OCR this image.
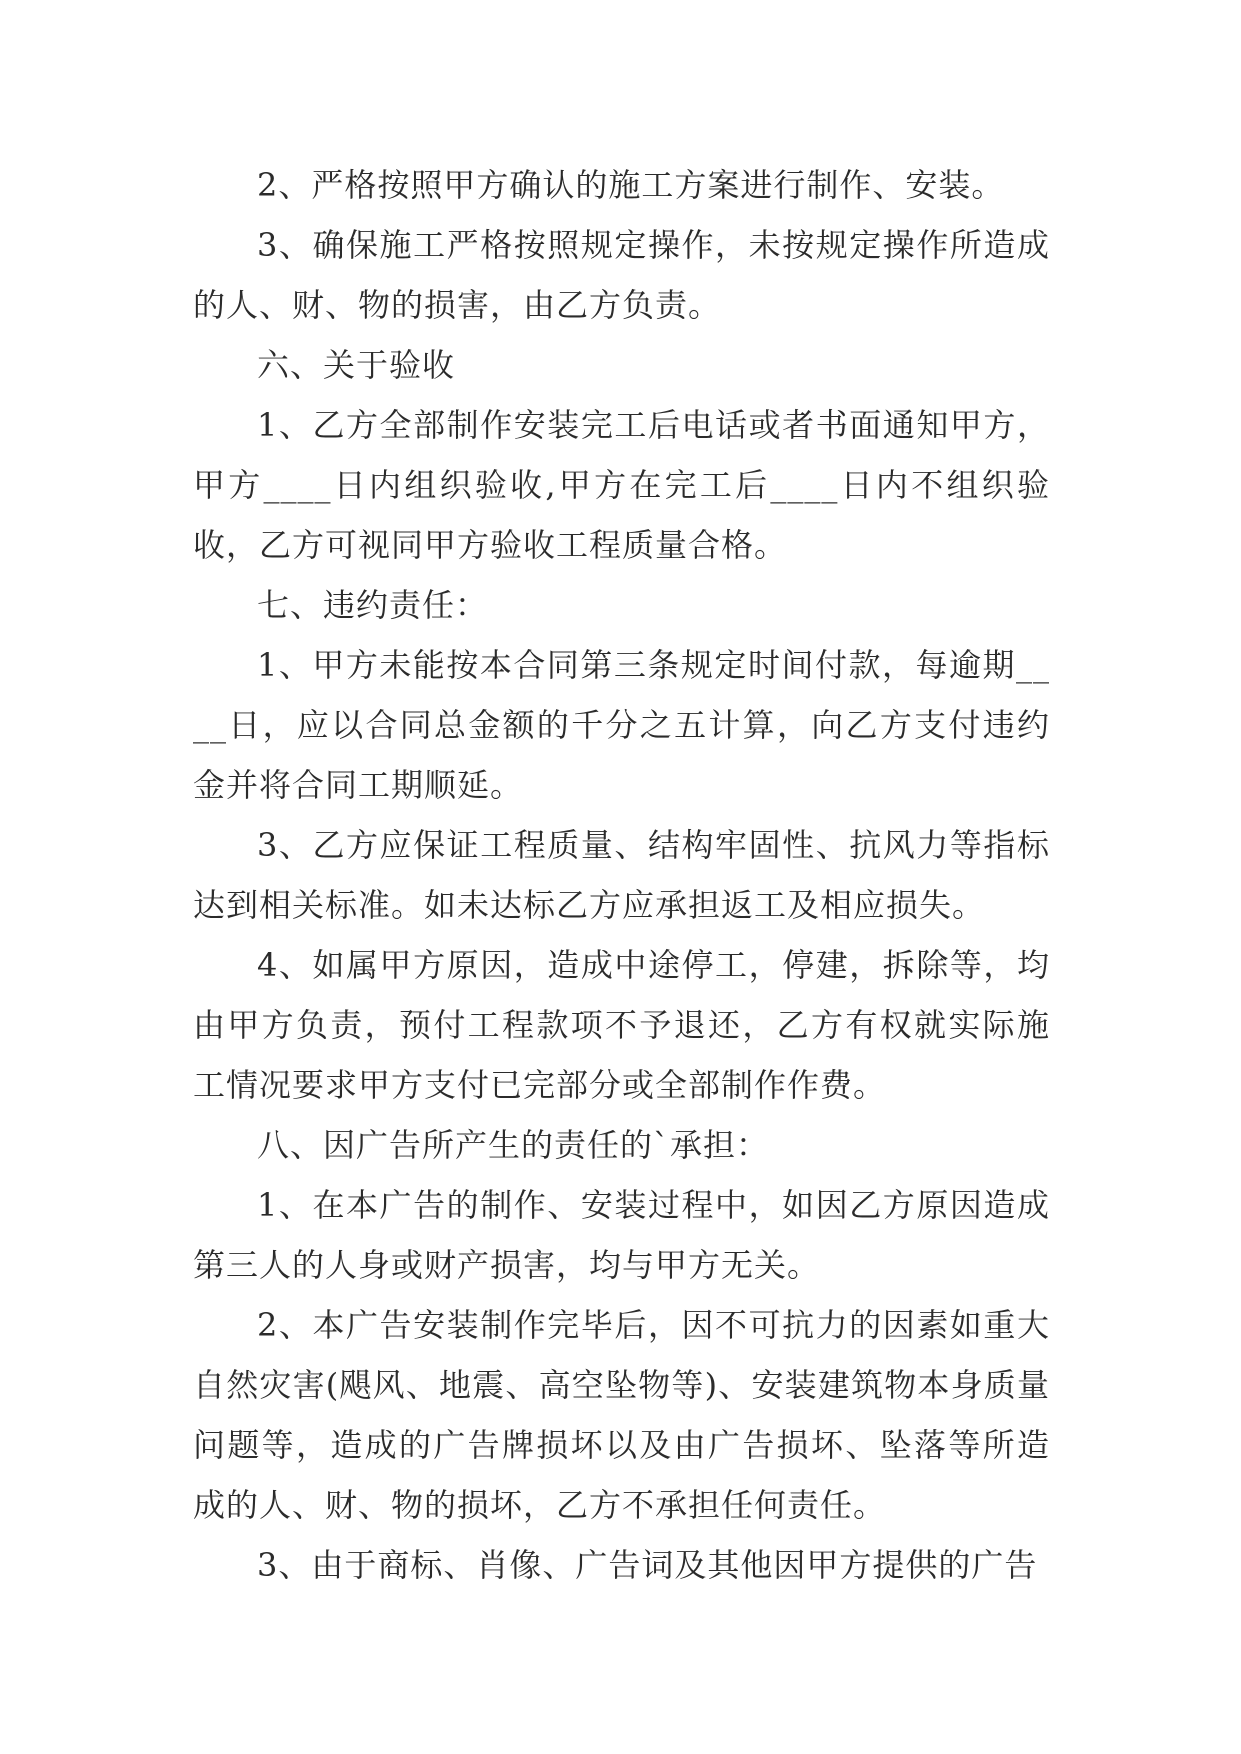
2、严格按照甲方确认的施工方案进行制作、安装。

3、确保施工严格按照规定操作，未按规定操作所造成的人、财、物的损害，由乙方负责。

六、关于验收

1、乙方全部制作安装完工后电话或者书面通知甲方，甲方____日内组织验收,甲方在完工后____日内不组织验收，乙方可视同甲方验收工程质量合格。

七、违约责任：

1、甲方未能按本合同第三条规定时间付款，每逾期____日，应以合同总金额的千分之五计算，向乙方支付违约金并将合同工期顺延。

3、乙方应保证工程质量、结构牢固性、抗风力等指标达到相关标准。如未达标乙方应承担返工及相应损失。

4、如属甲方原因，造成中途停工，停建，拆除等，均由甲方负责，预付工程款项不予退还，乙方有权就实际施工情况要求甲方支付已完部分或全部制作作费。

八、因广告所产生的责任的`承担：

1、在本广告的制作、安装过程中，如因乙方原因造成第三人的人身或财产损害，均与甲方无关。

2、本广告安装制作完毕后，因不可抗力的因素如重大自然灾害(飓风、地震、高空坠物等)、安装建筑物本身质量问题等，造成的广告牌损坏以及由广告损坏、坠落等所造成的人、财、物的损坏，乙方不承担任何责任。

3、由于商标、肖像、广告词及其他因甲方提供的广告
